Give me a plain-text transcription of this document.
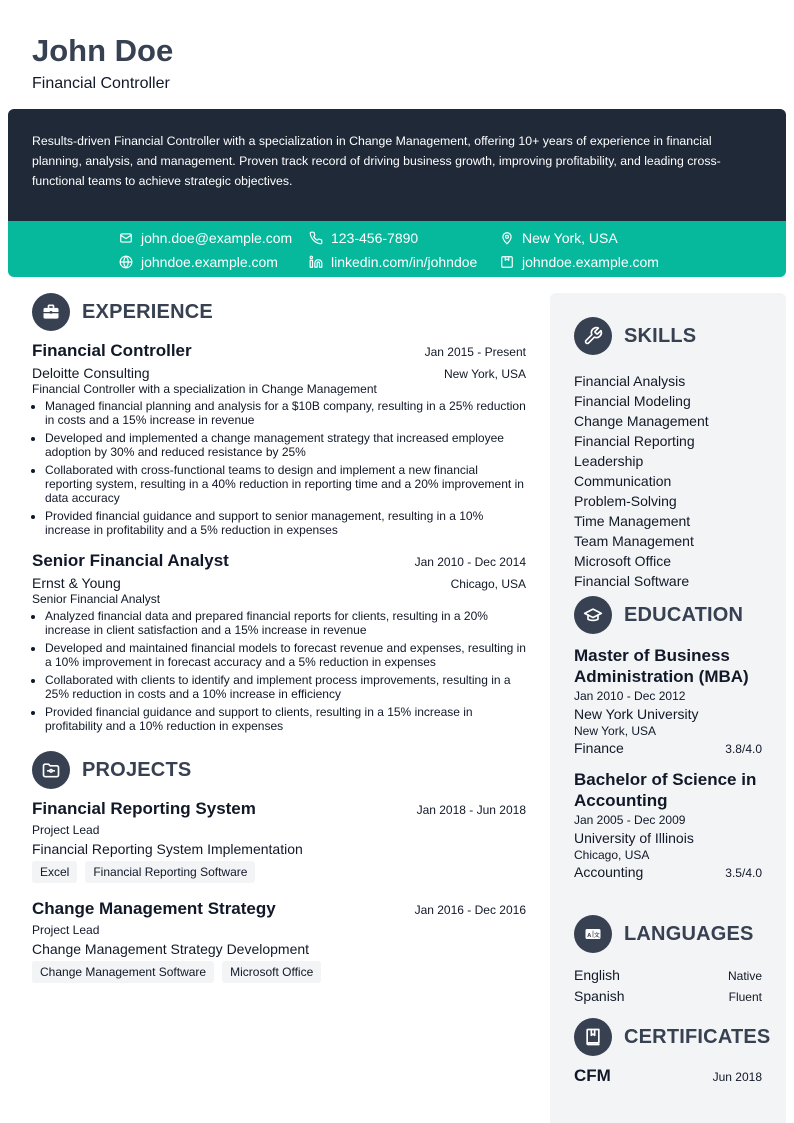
John Doe
Financial Controller
Results-driven Financial Controller with a specialization in Change Management, offering 10+ years of experience in financial planning, analysis, and management. Proven track record of driving business growth, improving profitability, and leading cross-functional teams to achieve strategic objectives.
john.doe@example.com	123-456-7890	New York, USA
johndoe.example.com	linkedin.com/in/johndoe	johndoe.example.com
EXPERIENCE
Financial Controller	Jan 2015 - Present
Deloitte Consulting	New York, USA
Financial Controller with a specialization in Change Management
• Managed financial planning and analysis for a $10B company, resulting in a 25% reduction in costs and a 15% increase in revenue
• Developed and implemented a change management strategy that increased employee adoption by 30% and reduced resistance by 25%
• Collaborated with cross-functional teams to design and implement a new financial reporting system, resulting in a 40% reduction in reporting time and a 20% improvement in data accuracy
• Provided financial guidance and support to senior management, resulting in a 10% increase in profitability and a 5% reduction in expenses
Senior Financial Analyst	Jan 2010 - Dec 2014
Ernst & Young	Chicago, USA
Senior Financial Analyst
• Analyzed financial data and prepared financial reports for clients, resulting in a 20% increase in client satisfaction and a 15% increase in revenue
• Developed and maintained financial models to forecast revenue and expenses, resulting in a 10% improvement in forecast accuracy and a 5% reduction in expenses
• Collaborated with clients to identify and implement process improvements, resulting in a 25% reduction in costs and a 10% increase in efficiency
• Provided financial guidance and support to clients, resulting in a 15% increase in profitability and a 10% reduction in expenses
PROJECTS
Financial Reporting System	Jan 2018 - Jun 2018
Project Lead
Financial Reporting System Implementation
Excel	Financial Reporting Software
Change Management Strategy	Jan 2016 - Dec 2016
Project Lead
Change Management Strategy Development
Change Management Software	Microsoft Office
SKILLS
Financial Analysis
Financial Modeling
Change Management
Financial Reporting
Leadership
Communication
Problem-Solving
Time Management
Team Management
Microsoft Office
Financial Software
EDUCATION
Master of Business Administration (MBA)
Jan 2010 - Dec 2012
New York University
New York, USA
Finance	3.8/4.0
Bachelor of Science in Accounting
Jan 2005 - Dec 2009
University of Illinois
Chicago, USA
Accounting	3.5/4.0
A 文 LANGUAGES
English	Native
Spanish	Fluent
CERTIFICATES
CFM	Jun 2018
